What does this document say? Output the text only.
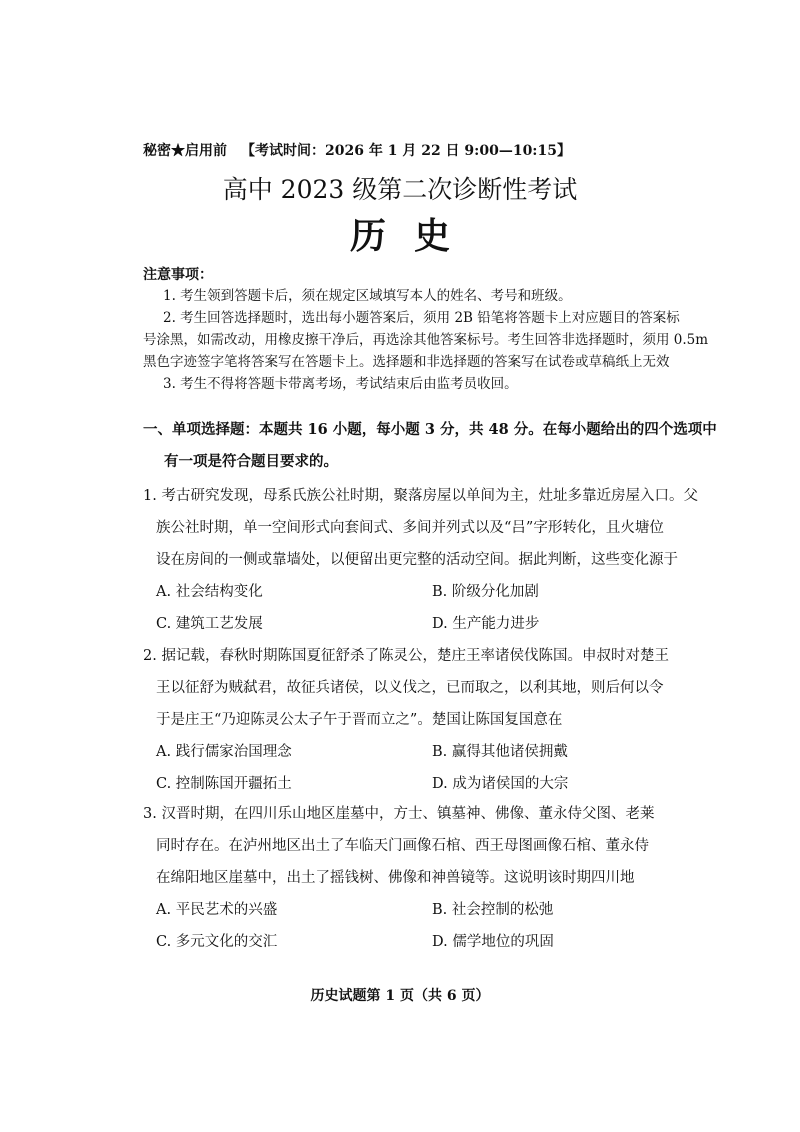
秘密★启用前 【考试时间：2026 年 1 月 22 日 9:00—10:15】
高中 2023 级第二次诊断性考试
历史
注意事项：
1. 考生领到答题卡后，须在规定区域填写本人的姓名、考号和班级。
2. 考生回答选择题时，选出每小题答案后，须用 2B 铅笔将答题卡上对应题目的答案标
号涂黑，如需改动，用橡皮擦干净后，再选涂其他答案标号。考生回答非选择题时，须用 0.5m
黑色字迹签字笔将答案写在答题卡上。选择题和非选择题的答案写在试卷或草稿纸上无效
3. 考生不得将答题卡带离考场，考试结束后由监考员收回。
一、单项选择题：本题共 16 小题，每小题 3 分，共 48 分。在每小题给出的四个选项中
有一项是符合题目要求的。
1. 考古研究发现，母系氏族公社时期，聚落房屋以单间为主，灶址多靠近房屋入口。父
族公社时期，单一空间形式向套间式、多间并列式以及“吕”字形转化，且火塘位
设在房间的一侧或靠墙处，以便留出更完整的活动空间。据此判断，这些变化源于
A. 社会结构变化	B. 阶级分化加剧
C. 建筑工艺发展	D. 生产能力进步
2. 据记载，春秋时期陈国夏征舒杀了陈灵公，楚庄王率诸侯伐陈国。申叔时对楚王
王以征舒为贼弑君，故征兵诸侯，以义伐之，已而取之，以利其地，则后何以令
于是庄王“乃迎陈灵公太子午于晋而立之”。楚国让陈国复国意在
A. 践行儒家治国理念	B. 赢得其他诸侯拥戴
C. 控制陈国开疆拓土	D. 成为诸侯国的大宗
3. 汉晋时期，在四川乐山地区崖墓中，方士、镇墓神、佛像、董永侍父图、老莱
同时存在。在泸州地区出土了车临天门画像石棺、西王母图画像石棺、董永侍
在绵阳地区崖墓中，出土了摇钱树、佛像和神兽镜等。这说明该时期四川地
A. 平民艺术的兴盛	B. 社会控制的松弛
C. 多元文化的交汇	D. 儒学地位的巩固
历史试题第 1 页（共 6 页）
